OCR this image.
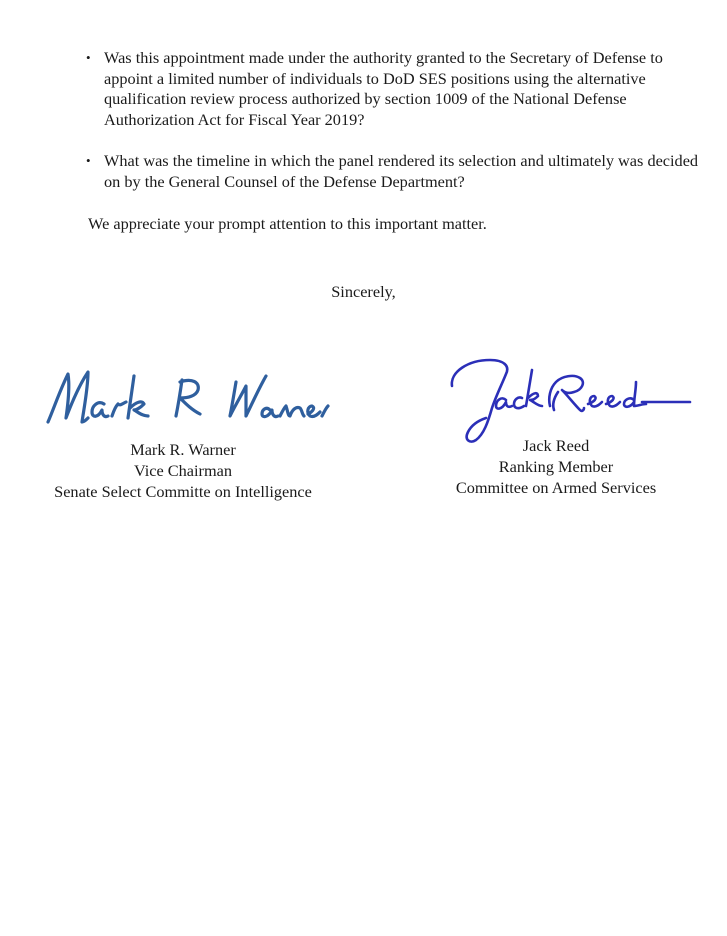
• Was this appointment made under the authority granted to the Secretary of Defense to appoint a limited number of individuals to DoD SES positions using the alternative qualification review process authorized by section 1009 of the National Defense Authorization Act for Fiscal Year 2019?
• What was the timeline in which the panel rendered its selection and ultimately was decided on by the General Counsel of the Defense Department?

We appreciate your prompt attention to this important matter.

Sincerely,

Mark R. Warner
Vice Chairman
Senate Select Committe on Intelligence
Jack Reed
Ranking Member
Committee on Armed Services
